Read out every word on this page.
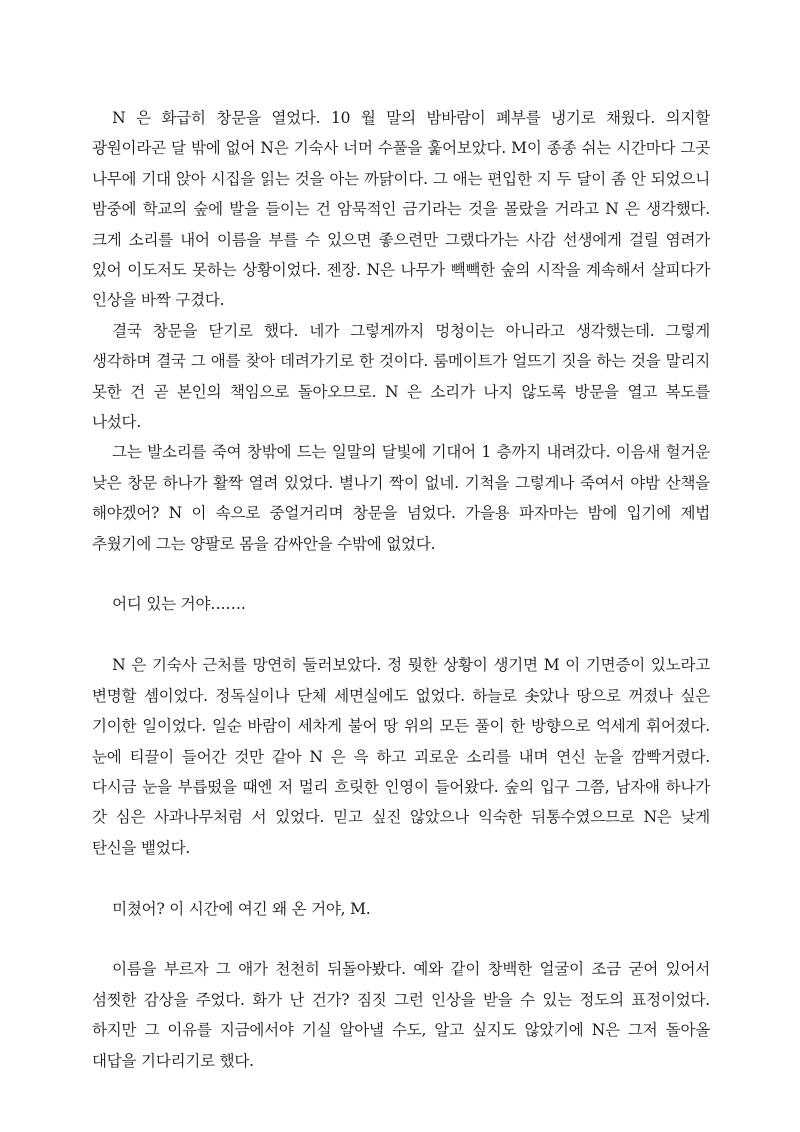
N 은 화급히 창문을 열었다. 10 월 말의 밤바람이 폐부를 냉기로 채웠다. 의지할 광원이라곤 달 밖에 없어 N은 기숙사 너머 수풀을 훑어보았다. M이 종종 쉬는 시간마다 그곳 나무에 기대 앉아 시집을 읽는 것을 아는 까닭이다. 그 애는 편입한 지 두 달이 좀 안 되었으니 밤중에 학교의 숲에 발을 들이는 건 암묵적인 금기라는 것을 몰랐을 거라고 N 은 생각했다. 크게 소리를 내어 이름을 부를 수 있으면 좋으련만 그랬다가는 사감 선생에게 걸릴 염려가 있어 이도저도 못하는 상황이었다. 젠장. N은 나무가 빽빽한 숲의 시작을 계속해서 살피다가 인상을 바짝 구겼다.

결국 창문을 닫기로 했다. 네가 그렇게까지 멍청이는 아니라고 생각했는데. 그렇게 생각하며 결국 그 애를 찾아 데려가기로 한 것이다. 룸메이트가 얼뜨기 짓을 하는 것을 말리지 못한 건 곧 본인의 책임으로 돌아오므로. N 은 소리가 나지 않도록 방문을 열고 복도를 나섰다.

그는 발소리를 죽여 창밖에 드는 일말의 달빛에 기대어 1 층까지 내려갔다. 이음새 헐거운 낮은 창문 하나가 활짝 열려 있었다. 별나기 짝이 없네. 기척을 그렇게나 죽여서 야밤 산책을 해야겠어? N 이 속으로 중얼거리며 창문을 넘었다. 가을용 파자마는 밤에 입기에 제법 추웠기에 그는 양팔로 몸을 감싸안을 수밖에 없었다.

어디 있는 거야…….

N 은 기숙사 근처를 망연히 둘러보았다. 정 뭣한 상황이 생기면 M 이 기면증이 있노라고 변명할 셈이었다. 정독실이나 단체 세면실에도 없었다. 하늘로 솟았나 땅으로 꺼졌나 싶은 기이한 일이었다. 일순 바람이 세차게 불어 땅 위의 모든 풀이 한 방향으로 억세게 휘어졌다. 눈에 티끌이 들어간 것만 같아 N 은 윽 하고 괴로운 소리를 내며 연신 눈을 깜빡거렸다. 다시금 눈을 부릅떴을 때엔 저 멀리 흐릿한 인영이 들어왔다. 숲의 입구 그쯤, 남자애 하나가 갓 심은 사과나무처럼 서 있었다. 믿고 싶진 않았으나 익숙한 뒤통수였으므로 N은 낮게 탄신을 뱉었다.

미쳤어? 이 시간에 여긴 왜 온 거야, M.

이름을 부르자 그 애가 천천히 뒤돌아봤다. 예와 같이 창백한 얼굴이 조금 굳어 있어서 섬찟한 감상을 주었다. 화가 난 건가? 짐짓 그런 인상을 받을 수 있는 정도의 표정이었다. 하지만 그 이유를 지금에서야 기실 알아낼 수도, 알고 싶지도 않았기에 N은 그저 돌아올 대답을 기다리기로 했다.
